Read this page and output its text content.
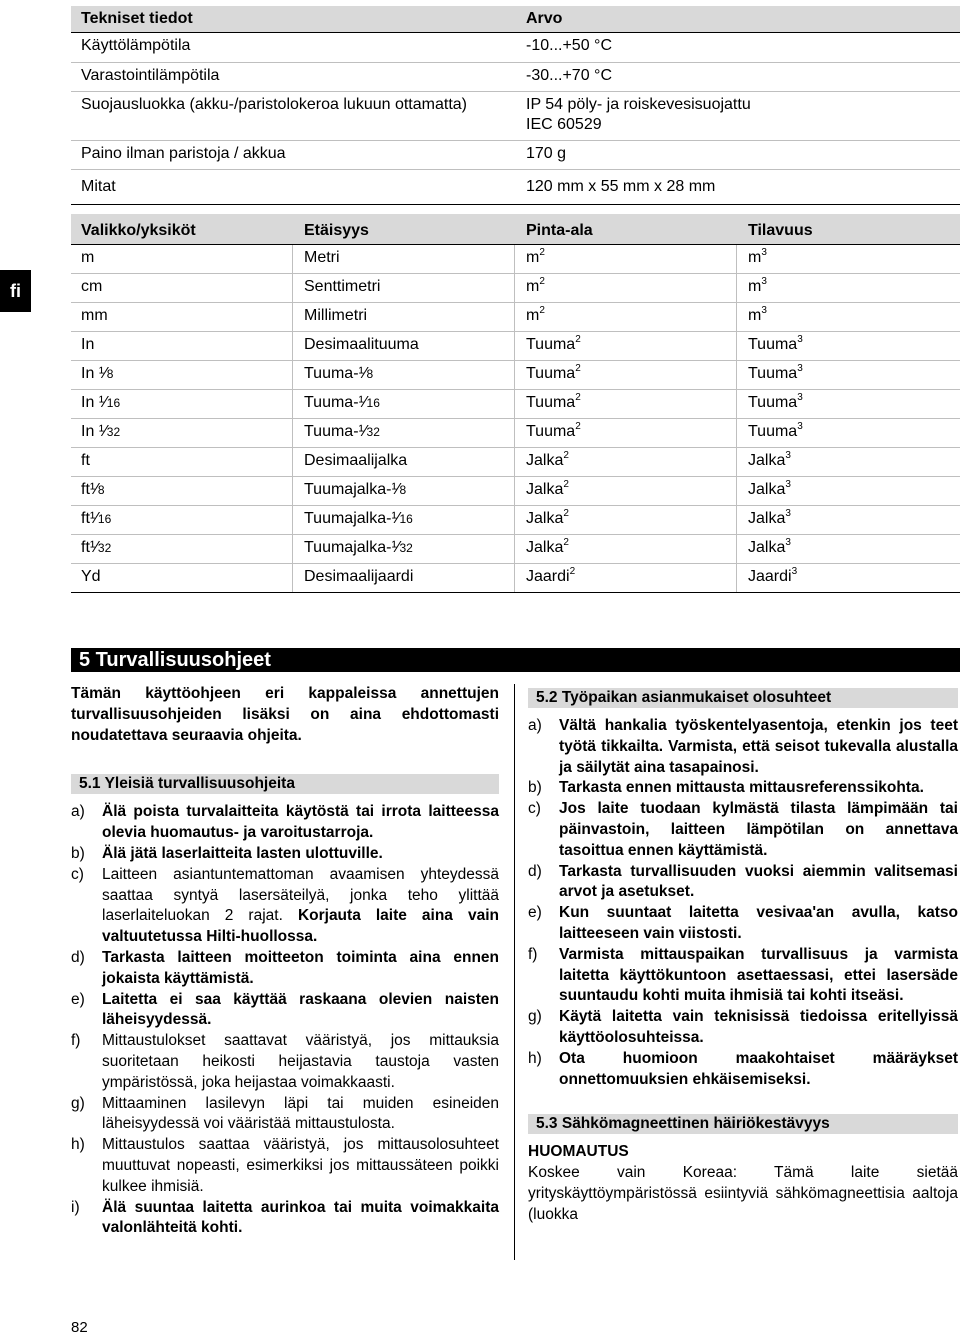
fi
Tekniset tiedot	Arvo
Käyttölämpötila	-10...+50 °C
Varastointilämpötila	-30...+70 °C
Suojausluokka (akku-/paristolokeroa lukuun ottamatta)	IP 54 pöly- ja roiskevesisuojattu
IEC 60529
Paino ilman paristoja / akkua	170 g
Mitat	120 mm x 55 mm x 28 mm
Valikko/yksiköt	Etäisyys	Pinta-ala	Tilavuus
m	Metri	$m^2$	$m^3$
cm	Senttimetri	$m^2$	$m^3$
mm	Millimetri	$m^2$	$m^3$
In	Desimaalituuma	Tuuma$^2$	Tuuma$^3$
In ¹⁄8	Tuuma-¹⁄8	Tuuma$^2$	Tuuma$^3$
In ¹⁄16	Tuuma-¹⁄16	Tuuma$^2$	Tuuma$^3$
In ¹⁄32	Tuuma-¹⁄32	Tuuma$^2$	Tuuma$^3$
ft	Desimaalijalka	Jalka$^2$	Jalka$^3$
ft¹⁄8	Tuumajalka-¹⁄8	Jalka$^2$	Jalka$^3$
ft¹⁄16	Tuumajalka-¹⁄16	Jalka$^2$	Jalka$^3$
ft¹⁄32	Tuumajalka-¹⁄32	Jalka$^2$	Jalka$^3$
Yd	Desimaalijaardi	Jaardi$^2$	Jaardi$^3$
5 Turvallisuusohjeet

Tämän käyttöohjeen eri kappaleissa annettujen turvallisuusohjeiden lisäksi on aina ehdottomasti noudatettava seuraavia ohjeita.

5.1 Yleisiä turvallisuusohjeita
a) Älä poista turvalaitteita käytöstä tai irrota laitteessa olevia huomautus- ja varoitustarroja.
b) Älä jätä laserlaitteita lasten ulottuville.
c) Laitteen asiantuntemattoman avaamisen yhteydessä saattaa syntyä lasersäteilyä, jonka teho ylittää laserlaiteluokan 2 rajat. Korjauta laite aina vain valtuutetussa Hilti-huollossa.
d) Tarkasta laitteen moitteeton toiminta aina ennen jokaista käyttämistä.
e) Laitetta ei saa käyttää raskaana olevien naisten läheisyydessä.
f) Mittaustulokset saattavat vääristyä, jos mittauksia suoritetaan heikosti heijastavia taustoja vasten ympäristössä, joka heijastaa voimakkaasti.
g) Mittaaminen lasilevyn läpi tai muiden esineiden läheisyydessä voi vääristää mittaustulosta.
h) Mittaustulos saattaa vääristyä, jos mittausolosuhteet muuttuvat nopeasti, esimerkiksi jos mittaussäteen poikki kulkee ihmisiä.
i) Älä suuntaa laitetta aurinkoa tai muita voimakkaita valonlähteitä kohti.
5.2 Työpaikan asianmukaiset olosuhteet
a) Vältä hankalia työskentelyasentoja, etenkin jos teet työtä tikkailta. Varmista, että seisot tukevalla alustalla ja säilytät aina tasapainosi.
b) Tarkasta ennen mittausta mittausreferenssikohta.
c) Jos laite tuodaan kylmästä tilasta lämpimään tai päinvastoin, laitteen lämpötilan on annettava tasoittua ennen käyttämistä.
d) Tarkasta turvallisuuden vuoksi aiemmin valitsemasi arvot ja asetukset.
e) Kun suuntaat laitetta vesivaa'an avulla, katso laitteeseen vain viistosti.
f) Varmista mittauspaikan turvallisuus ja varmista laitetta käyttökuntoon asettaessasi, ettei lasersäde suuntaudu kohti muita ihmisiä tai kohti itseäsi.
g) Käytä laitetta vain teknisissä tiedoissa eritellyissä käyttöolosuhteissa.
h) Ota huomioon maakohtaiset määräykset onnettomuuksien ehkäisemiseksi.
5.3 Sähkömagneettinen häiriökestävyys
HUOMAUTUS
Koskee vain Koreaa: Tämä laite sietää yrityskäyttöympäristössä esiintyviä sähkömagneettisia aaltoja (luokka
82
